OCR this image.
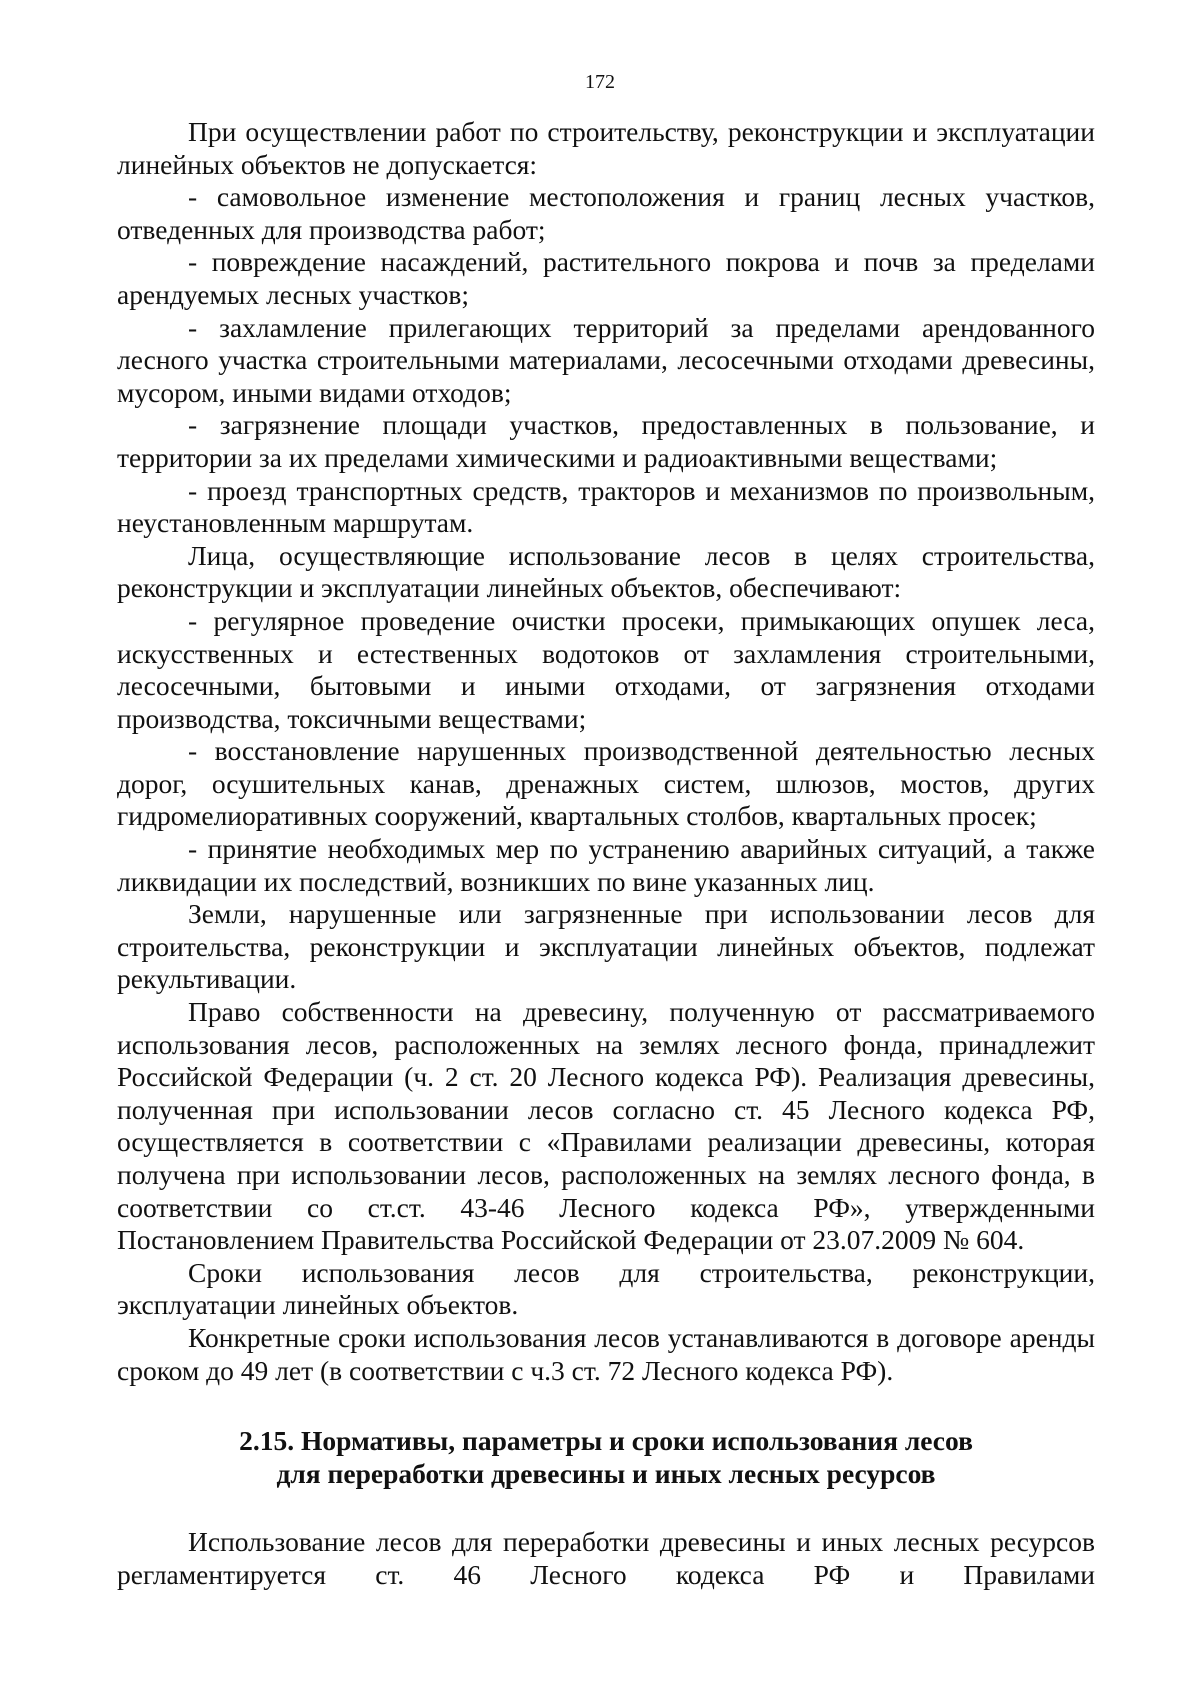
172

При осуществлении работ по строительству, реконструкции и эксплуатации линейных объектов не допускается:

- самовольное изменение местоположения и границ лесных участков, отведенных для производства работ;

- повреждение насаждений, растительного покрова и почв за пределами арендуемых лесных участков;

- захламление прилегающих территорий за пределами арендованного лесного участка строительными материалами, лесосечными отходами древесины, мусором, иными видами отходов;

- загрязнение площади участков, предоставленных в пользование, и территории за их пределами химическими и радиоактивными веществами;

- проезд транспортных средств, тракторов и механизмов по произвольным, неустановленным маршрутам.

Лица, осуществляющие использование лесов в целях строительства, реконструкции и эксплуатации линейных объектов, обеспечивают:

- регулярное проведение очистки просеки, примыкающих опушек леса, искусственных и естественных водотоков от захламления строительными, лесосечными, бытовыми и иными отходами, от загрязнения отходами производства, токсичными веществами;

- восстановление нарушенных производственной деятельностью лесных дорог, осушительных канав, дренажных систем, шлюзов, мостов, других гидромелиоративных сооружений, квартальных столбов, квартальных просек;

- принятие необходимых мер по устранению аварийных ситуаций, а также ликвидации их последствий, возникших по вине указанных лиц.

Земли, нарушенные или загрязненные при использовании лесов для строительства, реконструкции и эксплуатации линейных объектов, подлежат рекультивации.

Право собственности на древесину, полученную от рассматриваемого использования лесов, расположенных на землях лесного фонда, принадлежит Российской Федерации (ч. 2 ст. 20 Лесного кодекса РФ). Реализация древесины, полученная при использовании лесов согласно ст. 45 Лесного кодекса РФ, осуществляется в соответствии с «Правилами реализации древесины, которая получена при использовании лесов, расположенных на землях лесного фонда, в соответствии со ст.ст. 43-46 Лесного кодекса РФ», утвержденными Постановлением Правительства Российской Федерации от 23.07.2009 № 604.

Сроки использования лесов для строительства, реконструкции, эксплуатации линейных объектов.

Конкретные сроки использования лесов устанавливаются в договоре аренды сроком до 49 лет (в соответствии с ч.3 ст. 72 Лесного кодекса РФ).

2.15. Нормативы, параметры и сроки использования лесов
для переработки древесины и иных лесных ресурсов

Использование лесов для переработки древесины и иных лесных ресурсов регламентируется ст. 46 Лесного кодекса РФ и Правилами
